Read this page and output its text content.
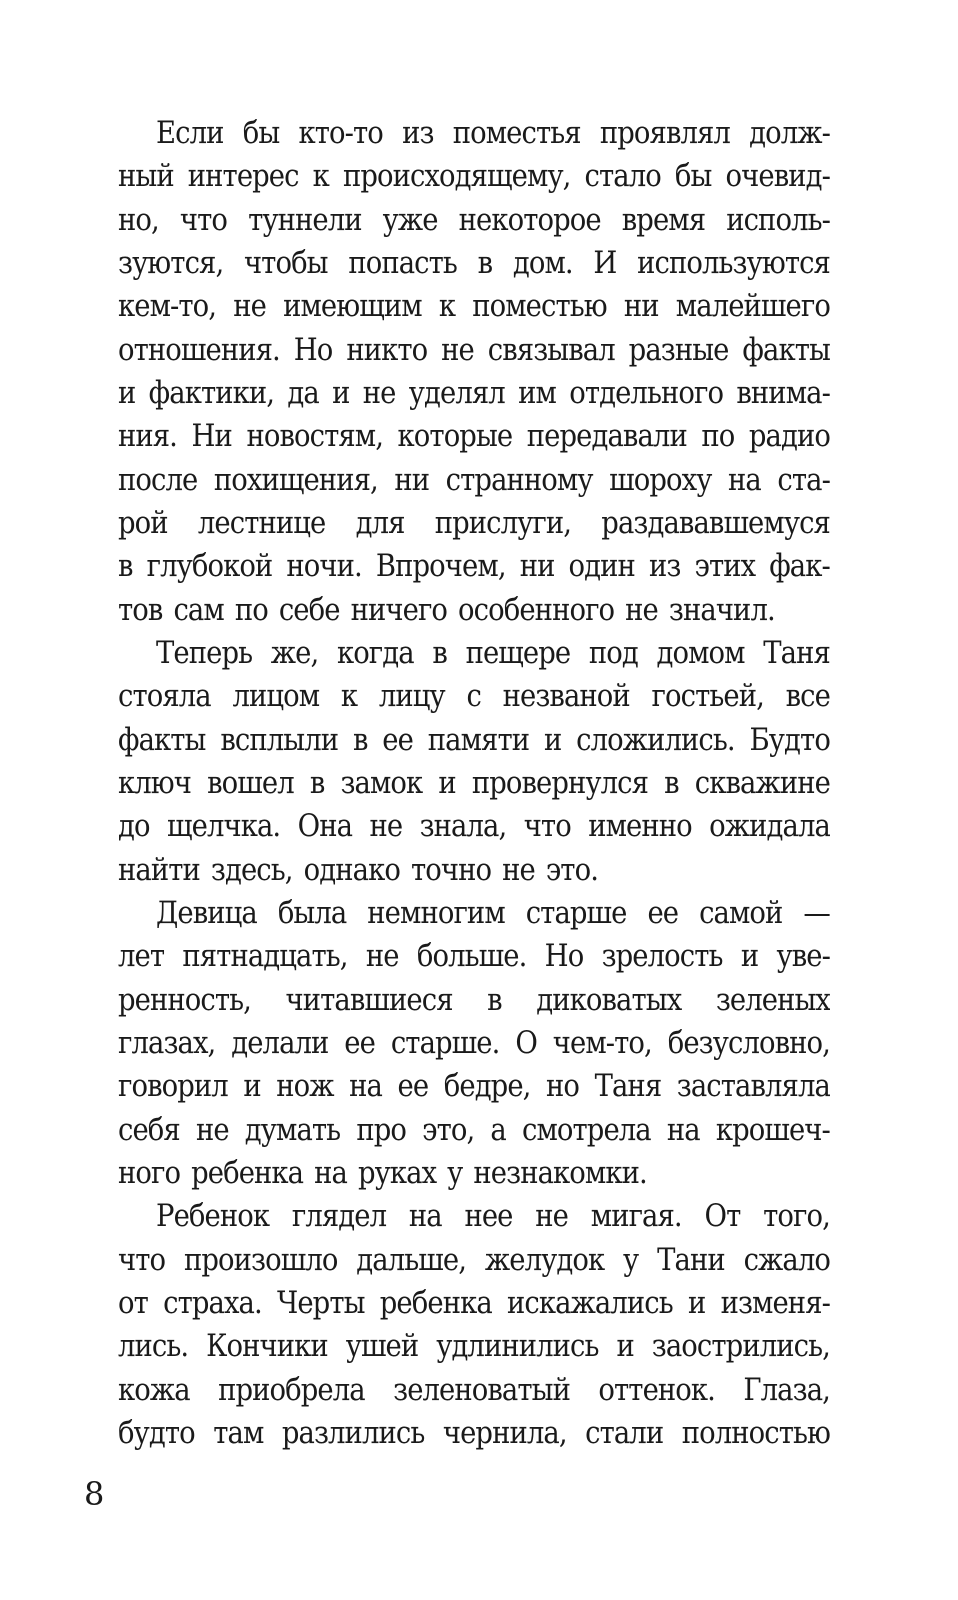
Если бы кто-то из поместья проявлял долж-
ный интерес к происходящему, стало бы очевид-
но, что туннели уже некоторое время исполь-
зуются, чтобы попасть в дом. И используются
кем-то, не имеющим к поместью ни малейшего
отношения. Но никто не связывал разные факты
и фактики, да и не уделял им отдельного внима-
ния. Ни новостям, которые передавали по радио
после похищения, ни странному шороху на ста-
рой лестнице для прислуги, раздававшемуся
в глубокой ночи. Впрочем, ни один из этих фак-
тов сам по себе ничего особенного не значил.
Теперь же, когда в пещере под домом Таня
стояла лицом к лицу с незваной гостьей, все
факты всплыли в ее памяти и сложились. Будто
ключ вошел в замок и провернулся в скважине
до щелчка. Она не знала, что именно ожидала
найти здесь, однако точно не это.
Девица была немногим старше ее самой —
лет пятнадцать, не больше. Но зрелость и уве-
ренность, читавшиеся в диковатых зеленых
глазах, делали ее старше. О чем-то, безусловно,
говорил и нож на ее бедре, но Таня заставляла
себя не думать про это, а смотрела на крошеч-
ного ребенка на руках у незнакомки.
Ребенок глядел на нее не мигая. От того,
что произошло дальше, желудок у Тани сжало
от страха. Черты ребенка искажались и изменя-
лись. Кончики ушей удлинились и заострились,
кожа приобрела зеленоватый оттенок. Глаза,
будто там разлились чернила, стали полностью
8
